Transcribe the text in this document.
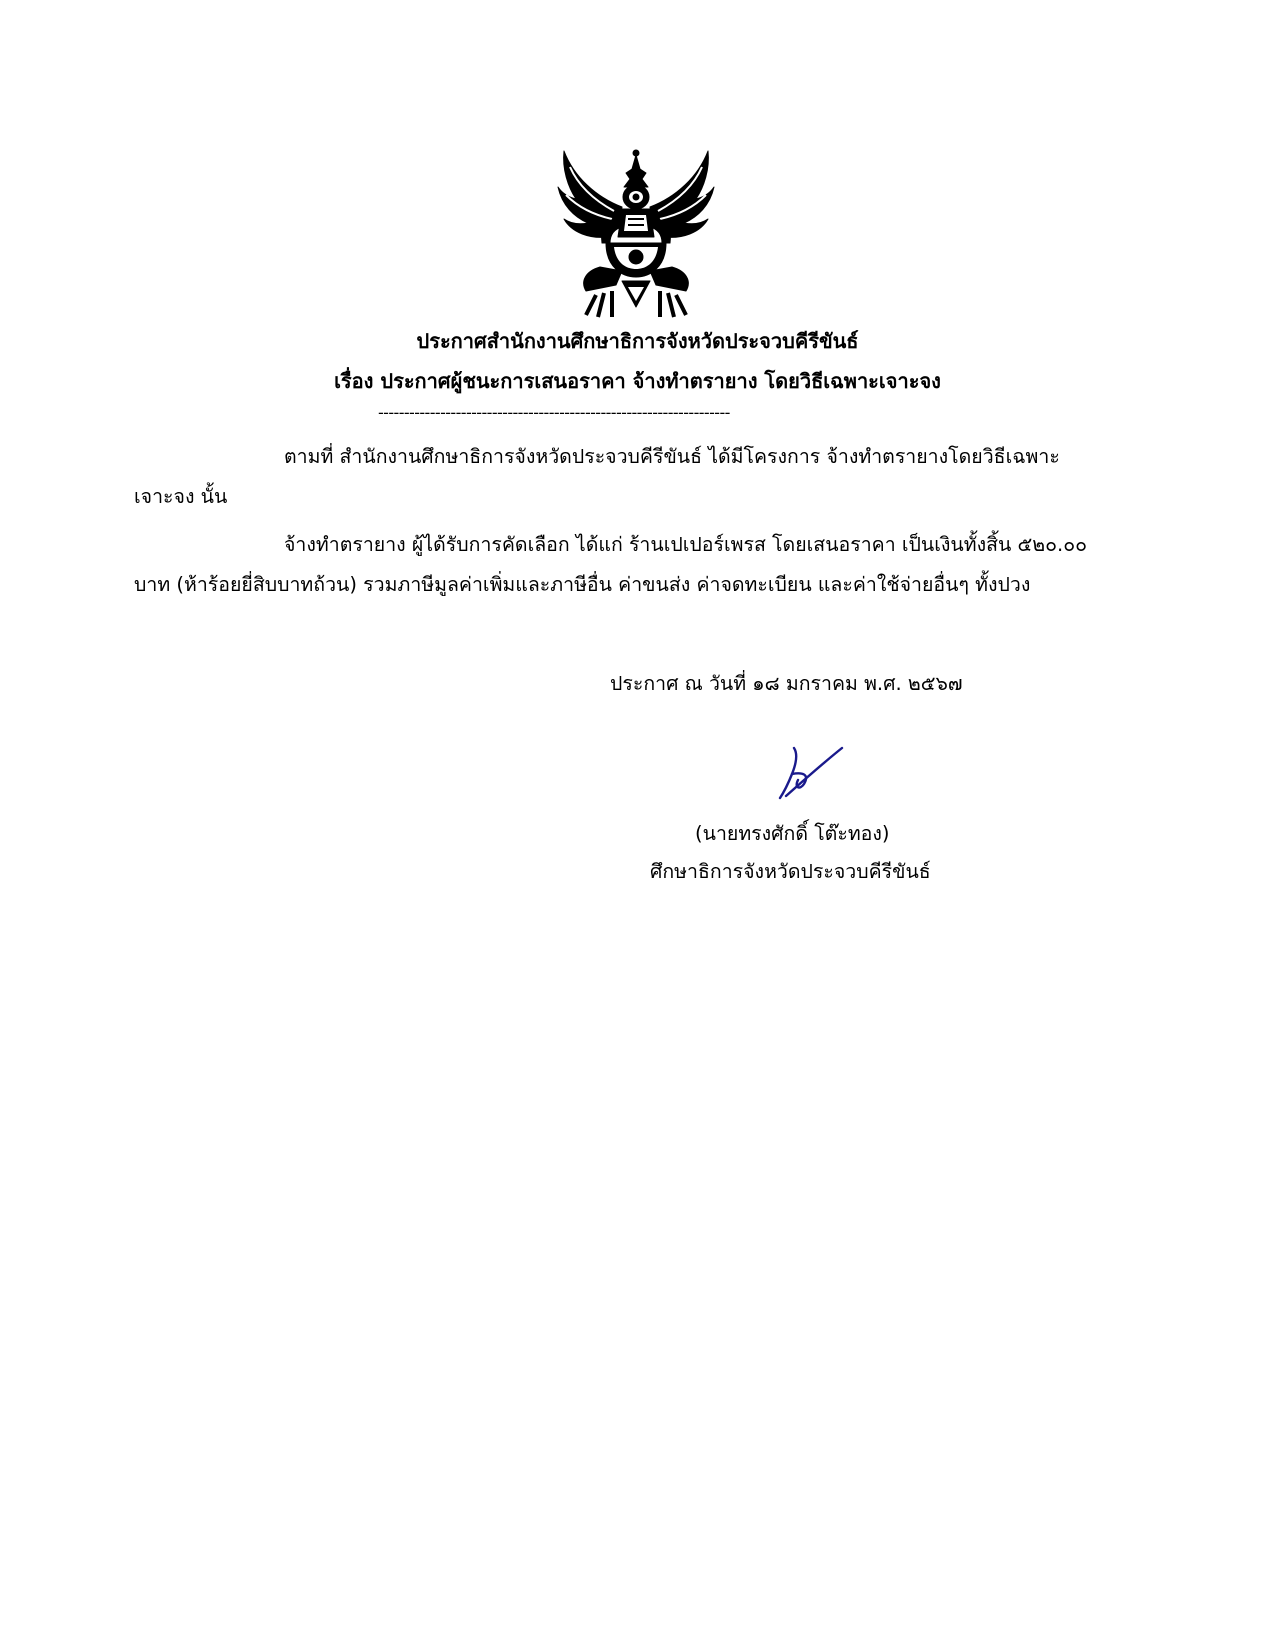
ประกาศสำนักงานศึกษาธิการจังหวัดประจวบคีรีขันธ์
เรื่อง ประกาศผู้ชนะการเสนอราคา จ้างทำตรายาง โดยวิธีเฉพาะเจาะจง
--------------------------------------------------------------------
ตามที่ สำนักงานศึกษาธิการจังหวัดประจวบคีรีขันธ์ ได้มีโครงการ จ้างทำตรายางโดยวิธีเฉพาะ
เจาะจง นั้น
จ้างทำตรายาง ผู้ได้รับการคัดเลือก ได้แก่ ร้านเปเปอร์เพรส โดยเสนอราคา เป็นเงินทั้งสิ้น ๕๒๐.๐๐
บาท (ห้าร้อยยี่สิบบาทถ้วน) รวมภาษีมูลค่าเพิ่มและภาษีอื่น ค่าขนส่ง ค่าจดทะเบียน และค่าใช้จ่ายอื่นๆ ทั้งปวง
ประกาศ ณ วันที่ ๑๘ มกราคม พ.ศ. ๒๕๖๗
(นายทรงศักดิ์ โต๊ะทอง)
ศึกษาธิการจังหวัดประจวบคีรีขันธ์
